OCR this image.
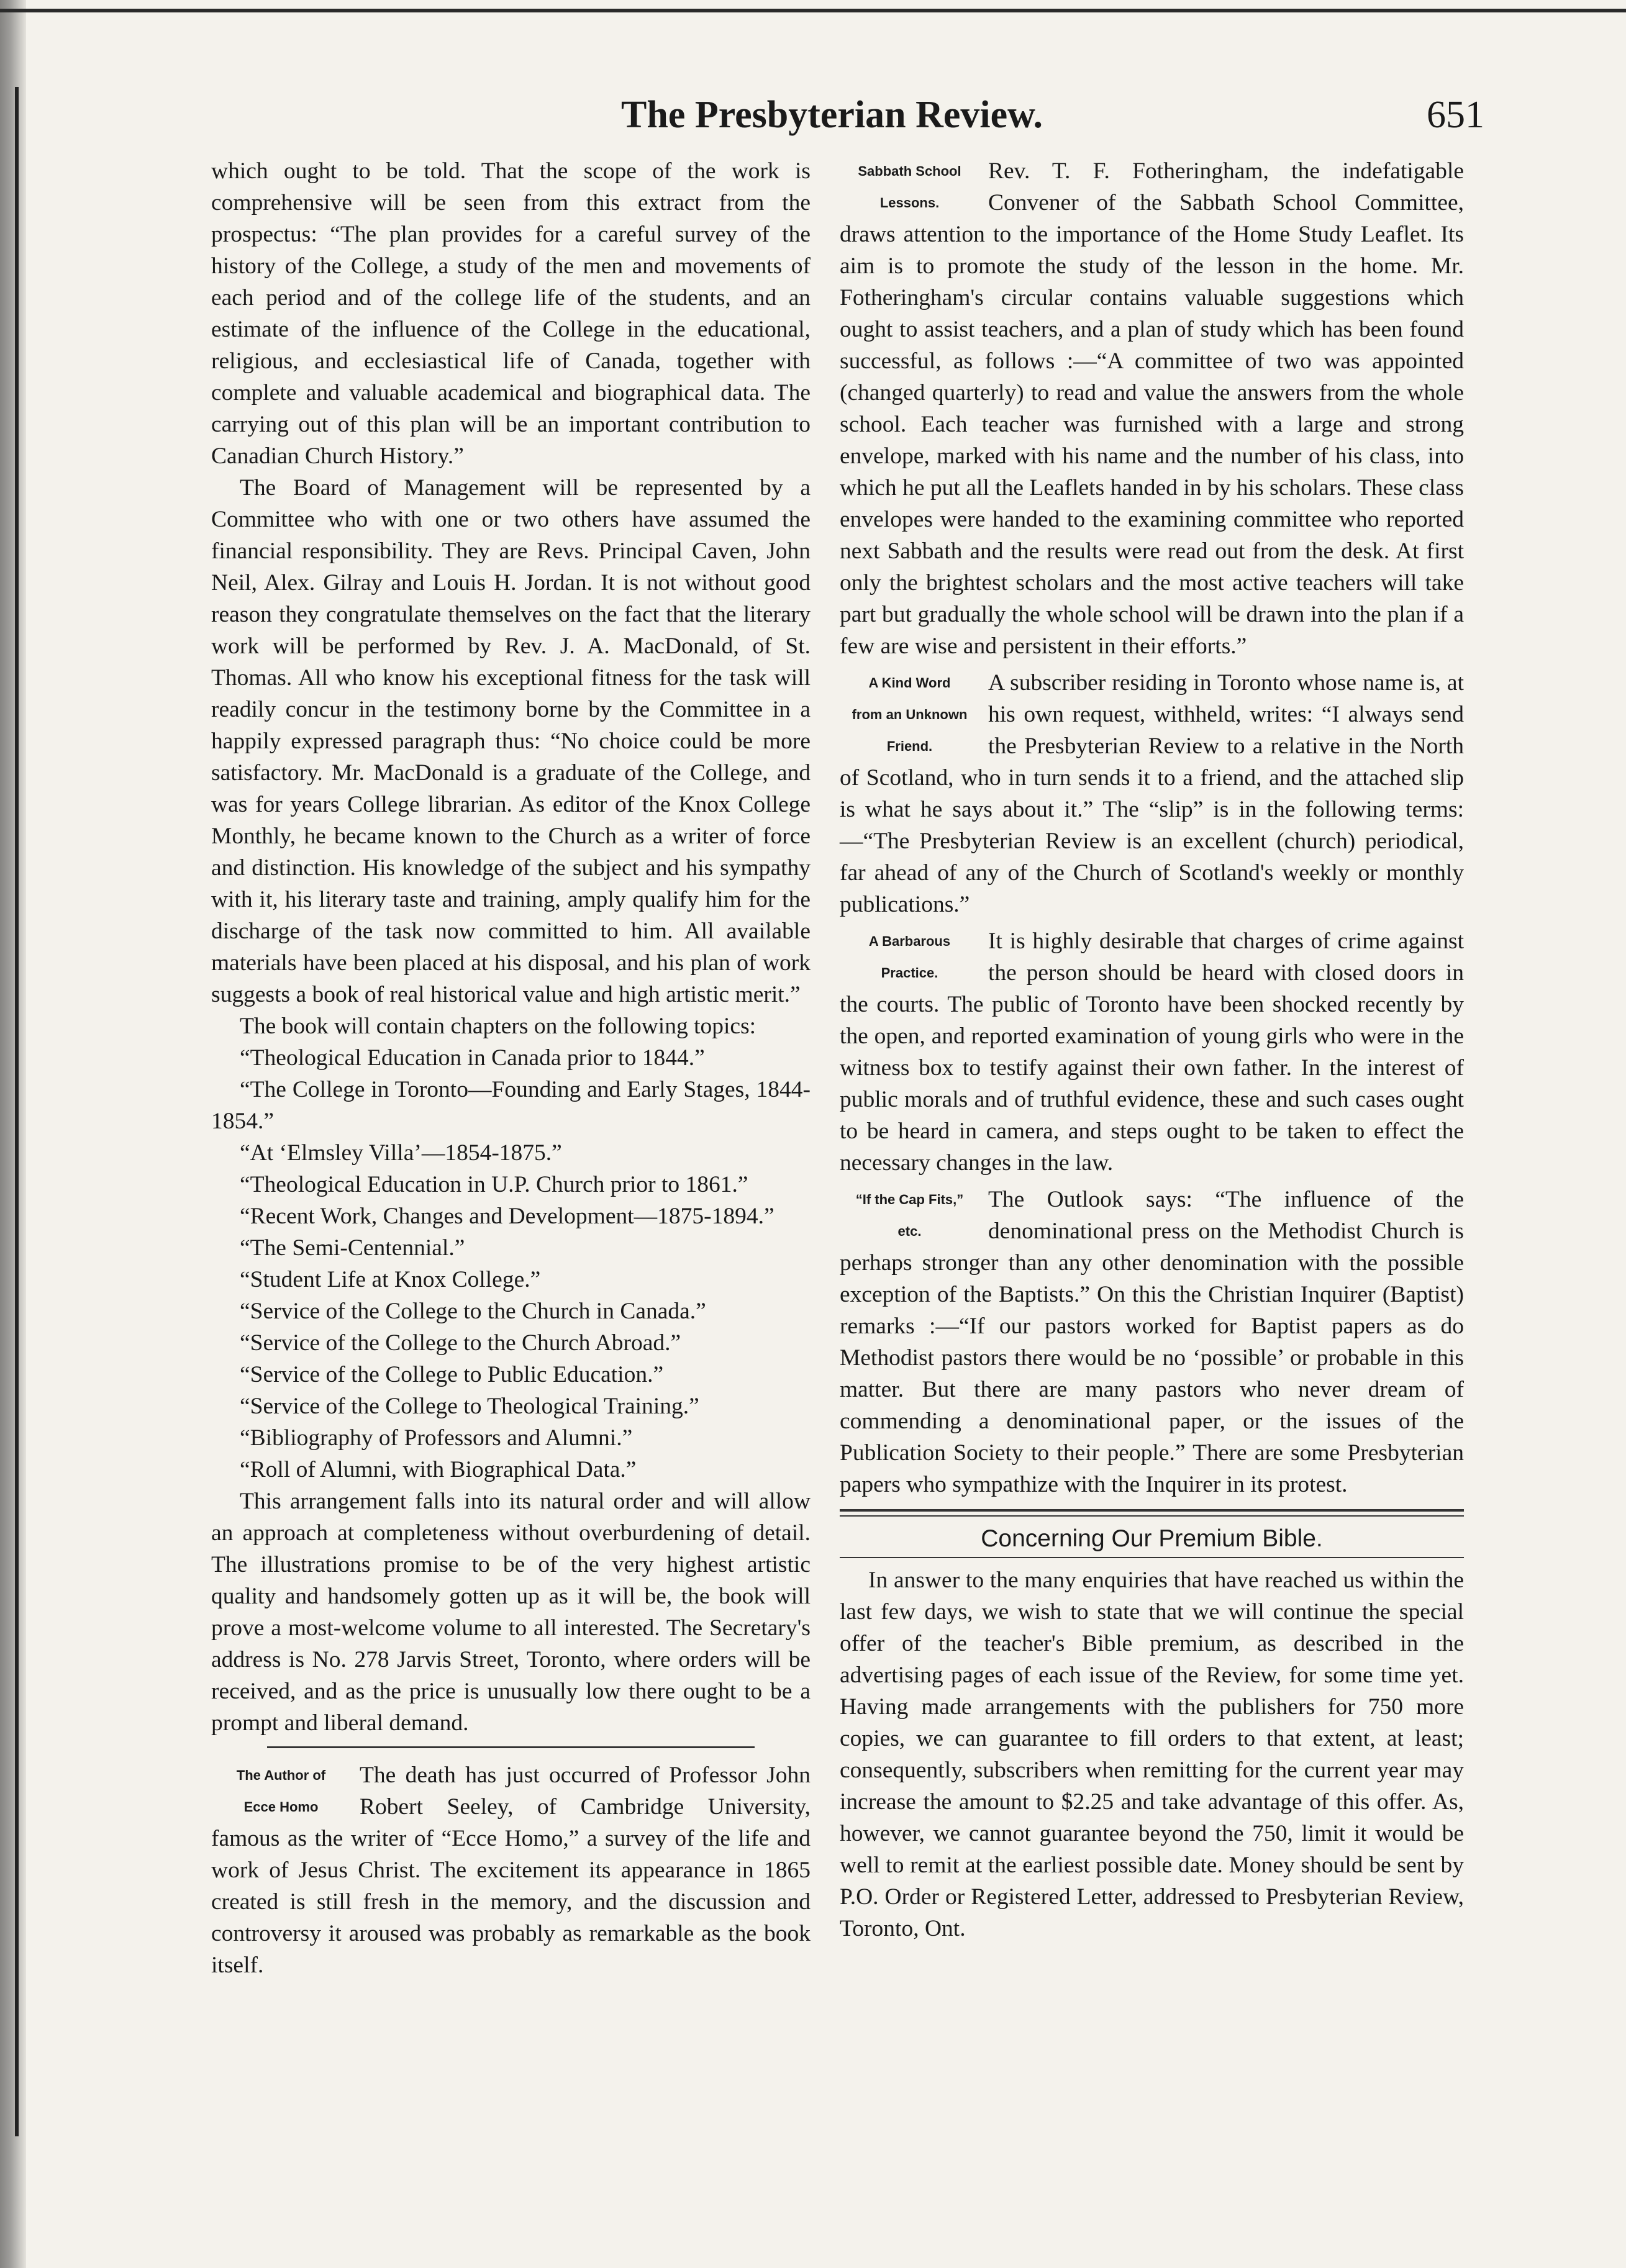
The Presbyterian Review.	651

which ought to be told. That the scope of the work is comprehensive will be seen from this extract from the prospectus: “The plan provides for a careful survey of the history of the College, a study of the men and movements of each period and of the college life of the students, and an estimate of the influence of the College in the educational, religious, and ecclesiastical life of Canada, together with complete and valuable academical and biographical data. The carrying out of this plan will be an important contribution to Canadian Church History.”

The Board of Management will be represented by a Committee who with one or two others have assumed the financial responsibility. They are Revs. Principal Caven, John Neil, Alex. Gilray and Louis H. Jordan. It is not without good reason they congratulate themselves on the fact that the literary work will be performed by Rev. J. A. MacDonald, of St. Thomas. All who know his exceptional fitness for the task will readily concur in the testimony borne by the Committee in a happily expressed paragraph thus: “No choice could be more satisfactory. Mr. MacDonald is a graduate of the College, and was for years College librarian. As editor of the Knox College Monthly, he became known to the Church as a writer of force and distinction. His knowledge of the subject and his sympathy with it, his literary taste and training, amply qualify him for the discharge of the task now committed to him. All available materials have been placed at his disposal, and his plan of work suggests a book of real historical value and high artistic merit.”

The book will contain chapters on the following topics:

“Theological Education in Canada prior to 1844.”

“The College in Toronto—Founding and Early Stages, 1844-1854.”

“At ‘Elmsley Villa’—1854-1875.”

“Theological Education in U.P. Church prior to 1861.”

“Recent Work, Changes and Development—1875-1894.”

“The Semi-Centennial.”

“Student Life at Knox College.”

“Service of the College to the Church in Canada.”

“Service of the College to the Church Abroad.”

“Service of the College to Public Education.”

“Service of the College to Theological Training.”

“Bibliography of Professors and Alumni.”

“Roll of Alumni, with Biographical Data.”

This arrangement falls into its natural order and will allow an approach at completeness without overburdening of detail. The illustrations promise to be of the very highest artistic quality and handsomely gotten up as it will be, the book will prove a most-welcome volume to all interested. The Secretary's address is No. 278 Jarvis Street, Toronto, where orders will be received, and as the price is unusually low there ought to be a prompt and liberal demand.

The Author of
Ecce Homo

The death has just occurred of Professor John Robert Seeley, of Cambridge University, famous as the writer of “Ecce Homo,” a survey of the life and work of Jesus Christ. The excitement its appearance in 1865 created is still fresh in the memory, and the discussion and controversy it aroused was probably as remarkable as the book itself.

Sabbath School
Lessons.

Rev. T. F. Fotheringham, the indefatigable Convener of the Sabbath School Committee, draws attention to the importance of the Home Study Leaflet. Its aim is to promote the study of the lesson in the home. Mr. Fotheringham's circular contains valuable suggestions which ought to assist teachers, and a plan of study which has been found successful, as follows :—“A committee of two was appointed (changed quarterly) to read and value the answers from the whole school. Each teacher was furnished with a large and strong envelope, marked with his name and the number of his class, into which he put all the Leaflets handed in by his scholars. These class envelopes were handed to the examining committee who reported next Sabbath and the results were read out from the desk. At first only the brightest scholars and the most active teachers will take part but gradually the whole school will be drawn into the plan if a few are wise and persistent in their efforts.”

A Kind Word
from an Unknown
Friend.

A subscriber residing in Toronto whose name is, at his own request, withheld, writes: “I always send the Presbyterian Review to a relative in the North of Scotland, who in turn sends it to a friend, and the attached slip is what he says about it.” The “slip” is in the following terms:—“The Presbyterian Review is an excellent (church) periodical, far ahead of any of the Church of Scotland's weekly or monthly publications.”

A Barbarous
Practice.

It is highly desirable that charges of crime against the person should be heard with closed doors in the courts. The public of Toronto have been shocked recently by the open, and reported examination of young girls who were in the witness box to testify against their own father. In the interest of public morals and of truthful evidence, these and such cases ought to be heard in camera, and steps ought to be taken to effect the necessary changes in the law.

“If the Cap Fits,”
etc.

The Outlook says: “The influence of the denominational press on the Methodist Church is perhaps stronger than any other denomination with the possible exception of the Baptists.” On this the Christian Inquirer (Baptist) remarks :—“If our pastors worked for Baptist papers as do Methodist pastors there would be no ‘possible’ or probable in this matter. But there are many pastors who never dream of commending a denominational paper, or the issues of the Publication Society to their people.” There are some Presbyterian papers who sympathize with the Inquirer in its protest.

Concerning Our Premium Bible.

In answer to the many enquiries that have reached us within the last few days, we wish to state that we will continue the special offer of the teacher's Bible premium, as described in the advertising pages of each issue of the Review, for some time yet. Having made arrangements with the publishers for 750 more copies, we can guarantee to fill orders to that extent, at least; consequently, subscribers when remitting for the current year may increase the amount to $2.25 and take advantage of this offer. As, however, we cannot guarantee beyond the 750, limit it would be well to remit at the earliest possible date. Money should be sent by P.O. Order or Registered Letter, addressed to Presbyterian Review, Toronto, Ont.
